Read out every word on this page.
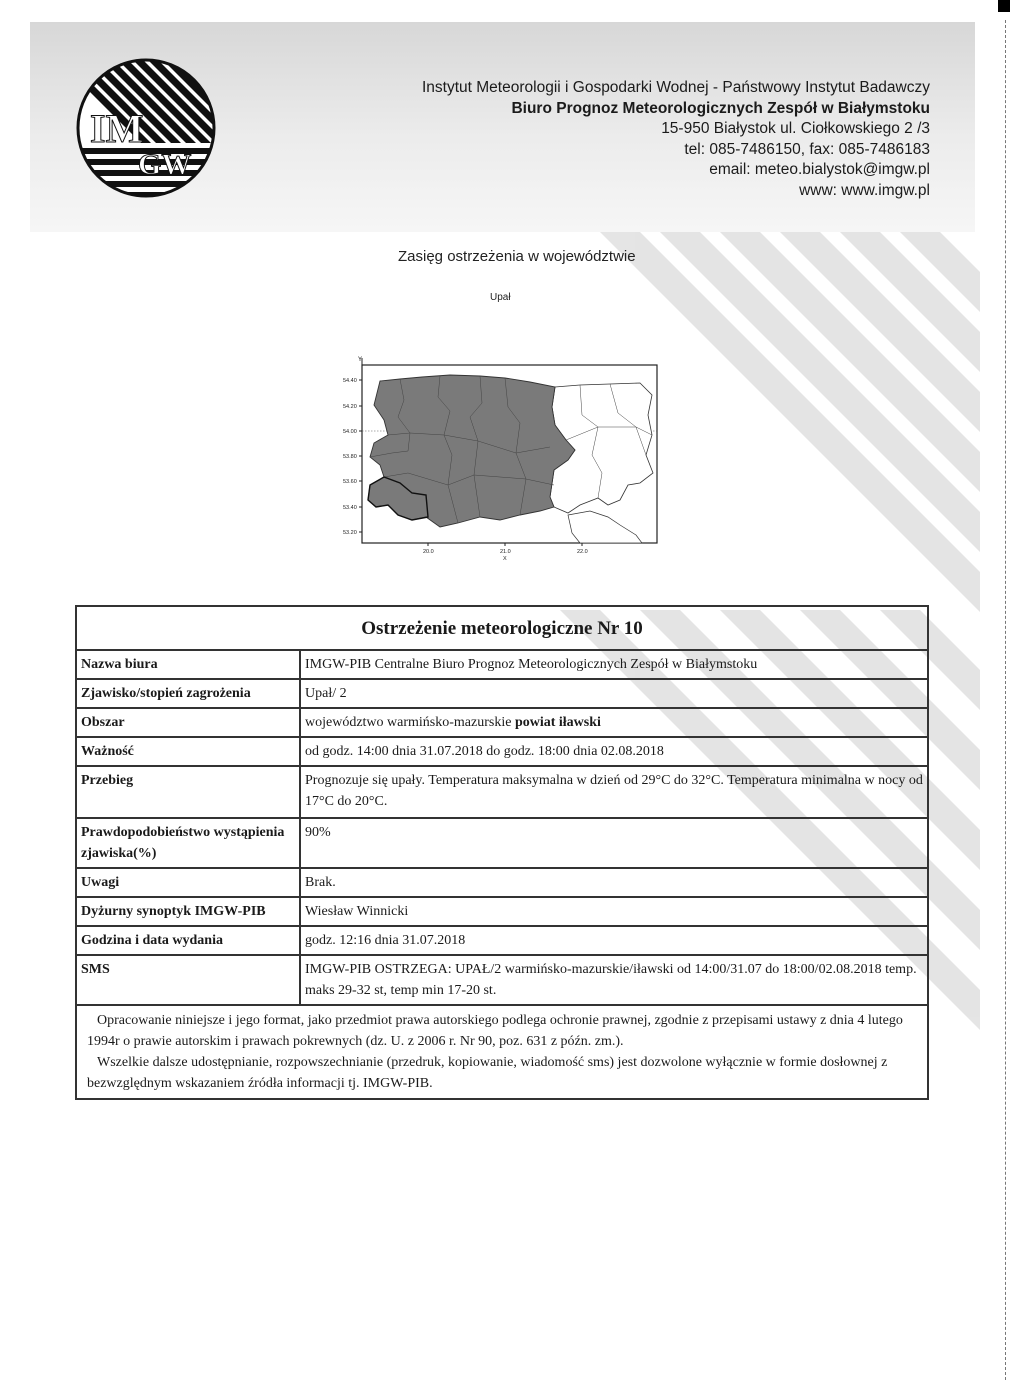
IM
GW
Instytut Meteorologii i Gospodarki Wodnej - Państwowy Instytut Badawczy
Biuro Prognoz Meteorologicznych Zespół w Białymstoku
15-950 Białystok ul. Ciołkowskiego 2 /3
tel: 085-7486150, fax: 085-7486183
email: meteo.bialystok@imgw.pl
www: www.imgw.pl
Zasięg ostrzeżenia w województwie
Upał
Y
54.40
54.20
54.00
53.80
53.60
53.40
53.20
20.0	21.0
X
22.0
Ostrzeżenie meteorologiczne Nr 10	
Nazwa biura	IMGW-PIB Centralne Biuro Prognoz Meteorologicznych Zespół w Białymstoku
Zjawisko/stopień zagrożenia	Upał/ 2
Obszar	województwo warmińsko-mazurskie powiat iławski
Ważność	od godz. 14:00 dnia 31.07.2018 do godz. 18:00 dnia 02.08.2018
Przebieg	Prognozuje się upały. Temperatura maksymalna w dzień od 29°C do 32°C. Temperatura minimalna w nocy od 17°C do 20°C.
Prawdopodobieństwo wystąpienia zjawiska(%)	90%
Uwagi	Brak.
Dyżurny synoptyk IMGW-PIB	Wiesław Winnicki
Godzina i data wydania	godz. 12:16 dnia 31.07.2018
SMS	IMGW-PIB OSTRZEGA: UPAŁ/2 warmińsko-mazurskie/iławski od 14:00/31.07 do 18:00/02.08.2018 temp. maks 29-32 st, temp min 17-20 st.

Opracowanie niniejsze i jego format, jako przedmiot prawa autorskiego podlega ochronie prawnej, zgodnie z przepisami ustawy z dnia 4 lutego 1994r o prawie autorskim i prawach pokrewnych (dz. U. z 2006 r. Nr 90, poz. 631 z późn. zm.).

Wszelkie dalsze udostępnianie, rozpowszechnianie (przedruk, kopiowanie, wiadomość sms) jest dozwolone wyłącznie w formie dosłownej z bezwzględnym wskazaniem źródła informacji tj. IMGW-PIB.	
